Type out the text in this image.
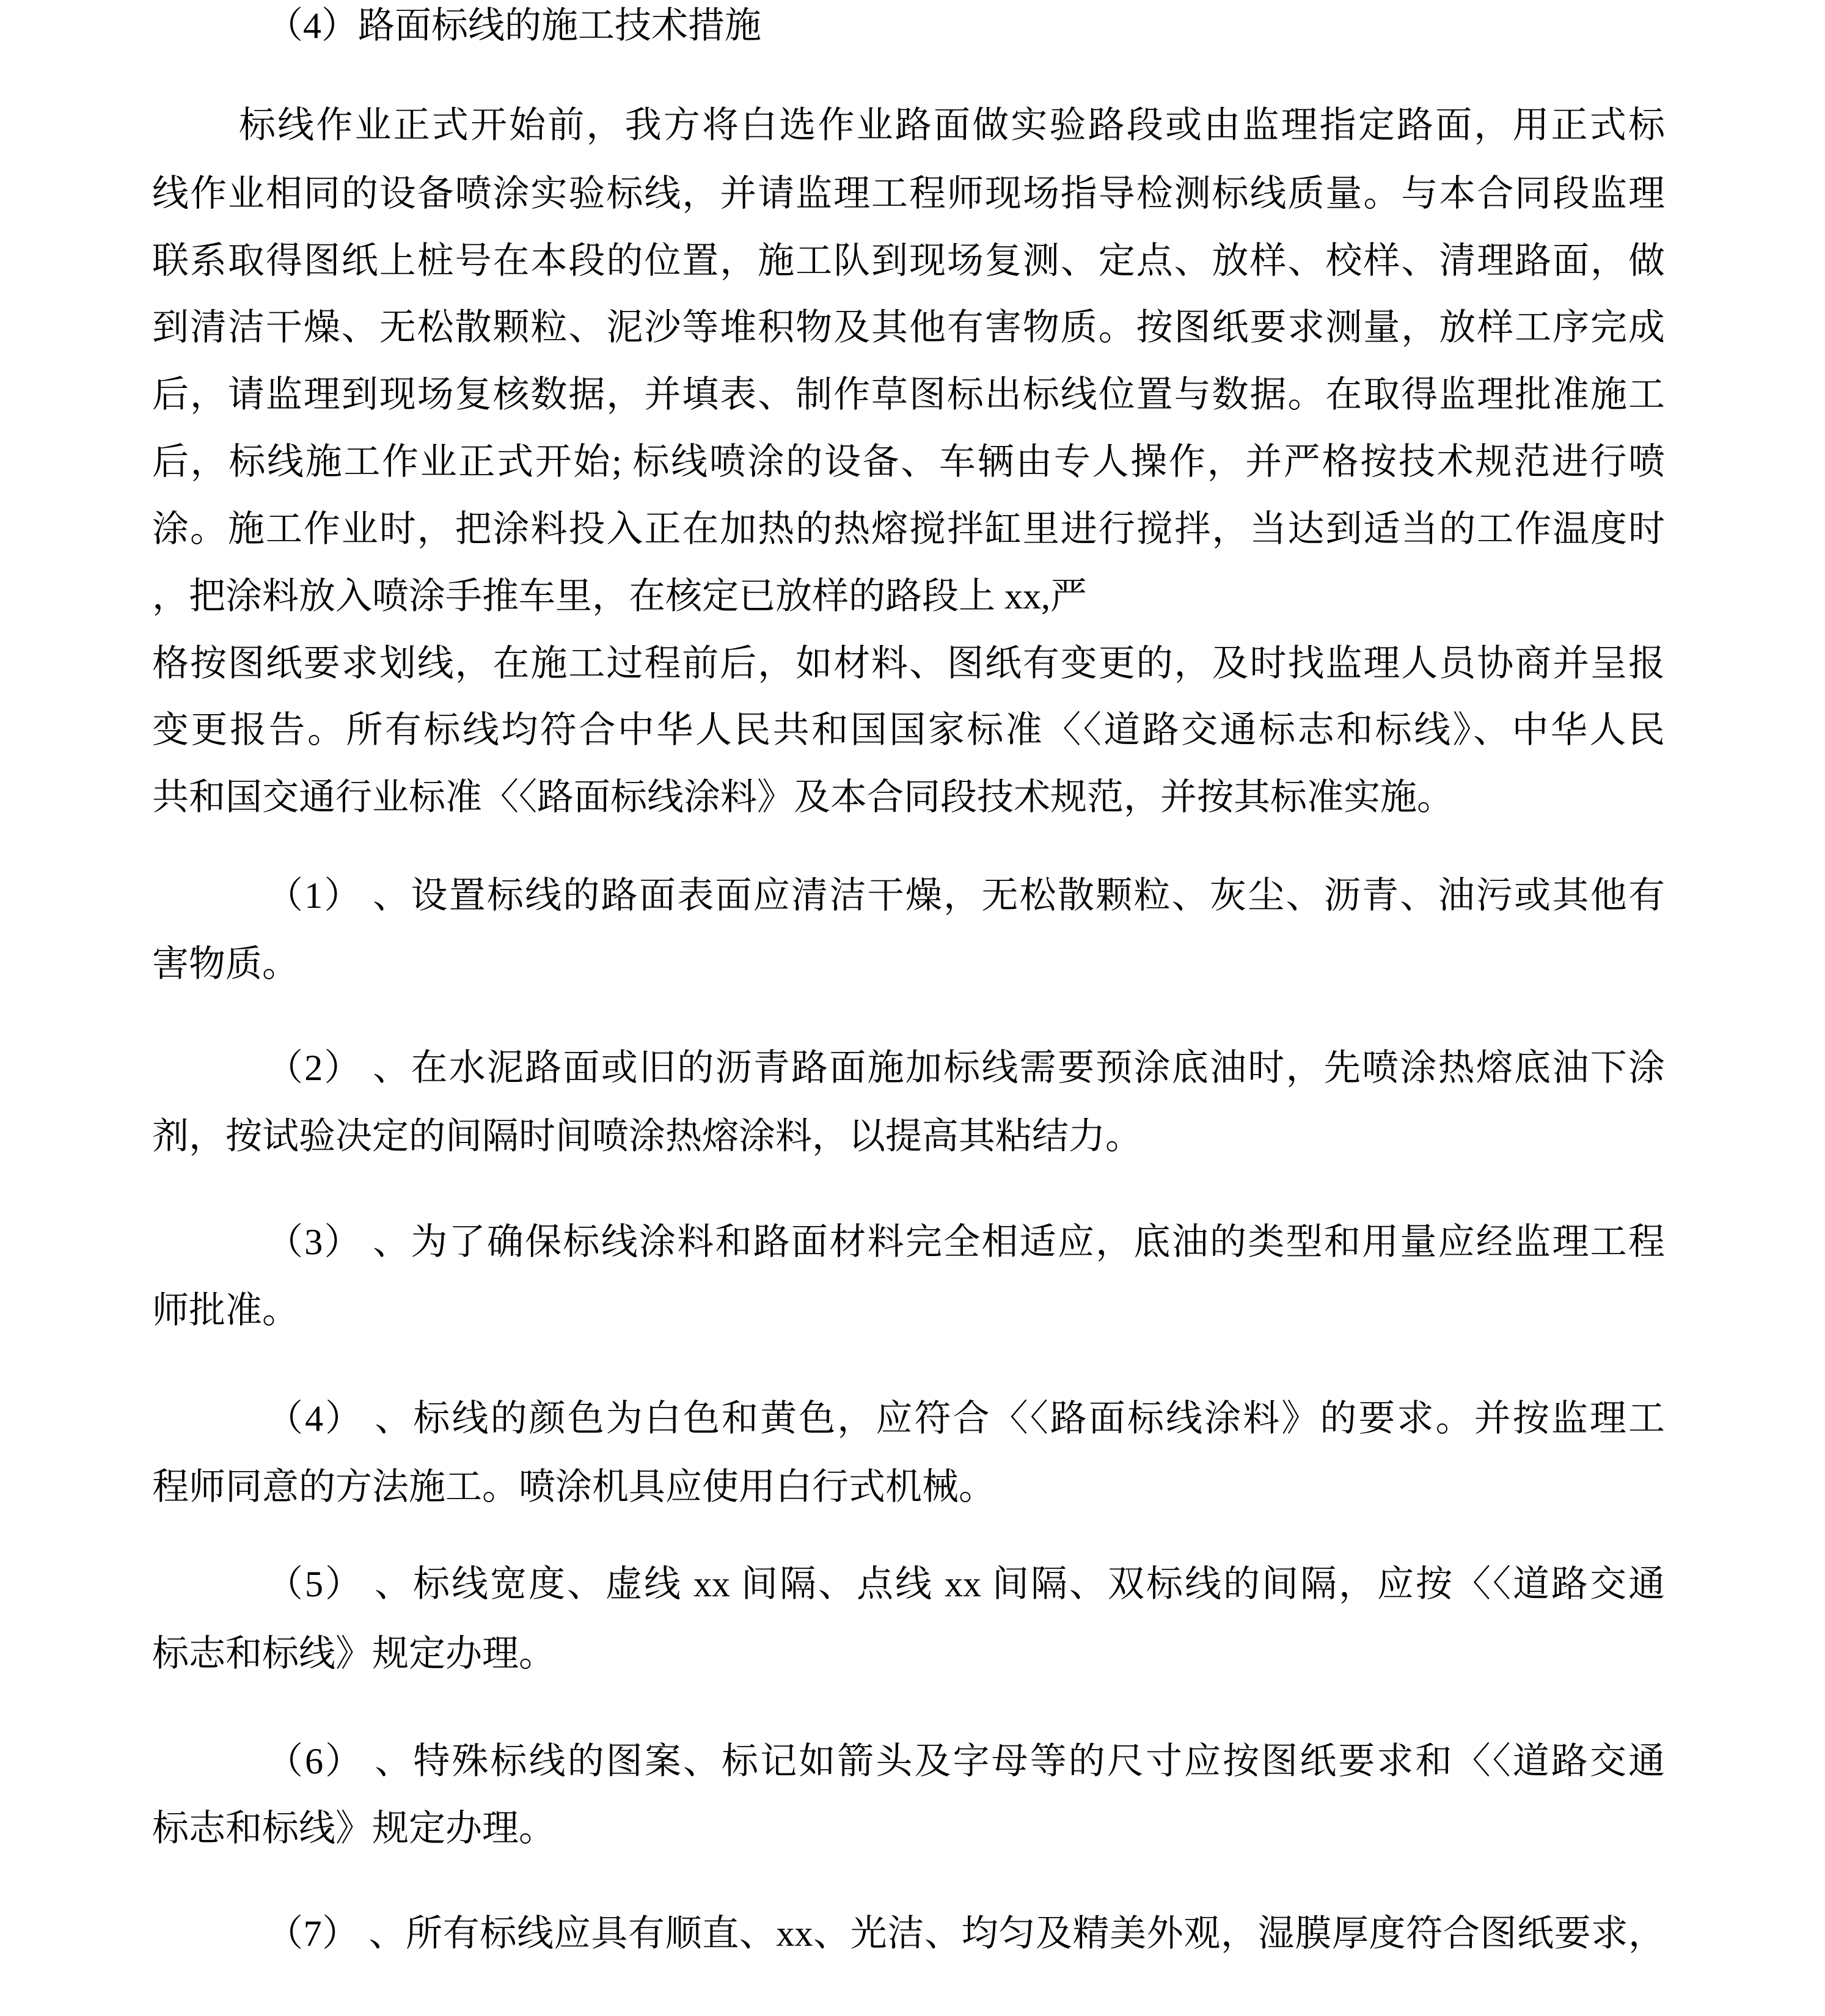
（4）路面标线的施工技术措施
标线作业正式开始前，我方将白选作业路面做实验路段或由监理指定路面，用正式标
线作业相同的设备喷涂实验标线，并请监理工程师现场指导检测标线质量。与本合同段监理
联系取得图纸上桩号在本段的位置，施工队到现场复测、定点、放样、校样、清理路面，做
到清洁干燥、无松散颗粒、泥沙等堆积物及其他有害物质。按图纸要求测量，放样工序完成
后，请监理到现场复核数据，并填表、制作草图标出标线位置与数据。在取得监理批准施工
后，标线施工作业正式开始; 标线喷涂的设备、车辆由专人操作，并严格按技术规范进行喷
涂。施工作业时，把涂料投入正在加热的热熔搅拌缸里进行搅拌，当达到适当的工作温度时
，把涂料放入喷涂手推车里，在核定已放样的路段上 xx,严
格按图纸要求划线，在施工过程前后，如材料、图纸有变更的，及时找监理人员协商并呈报
变更报告。所有标线均符合中华人民共和国国家标准〈〈道路交通标志和标线》、中华人民
共和国交通行业标准〈〈路面标线涂料》及本合同段技术规范，并按其标准实施。
（1） 、设置标线的路面表面应清洁干燥，无松散颗粒、灰尘、沥青、油污或其他有
害物质。
（2） 、在水泥路面或旧的沥青路面施加标线需要预涂底油时，先喷涂热熔底油下涂
剂，按试验决定的间隔时间喷涂热熔涂料，以提高其粘结力。
（3） 、为了确保标线涂料和路面材料完全相适应，底油的类型和用量应经监理工程
师批准。
（4） 、标线的颜色为白色和黄色，应符合〈〈路面标线涂料》的要求。并按监理工
程师同意的方法施工。喷涂机具应使用白行式机械。
（5） 、标线宽度、虚线 xx 间隔、点线 xx 间隔、双标线的间隔，应按〈〈道路交通
标志和标线》规定办理。
（6） 、特殊标线的图案、标记如箭头及字母等的尺寸应按图纸要求和〈〈道路交通
标志和标线》规定办理。
（7） 、所有标线应具有顺直、xx、光洁、均匀及精美外观，湿膜厚度符合图纸要求，
